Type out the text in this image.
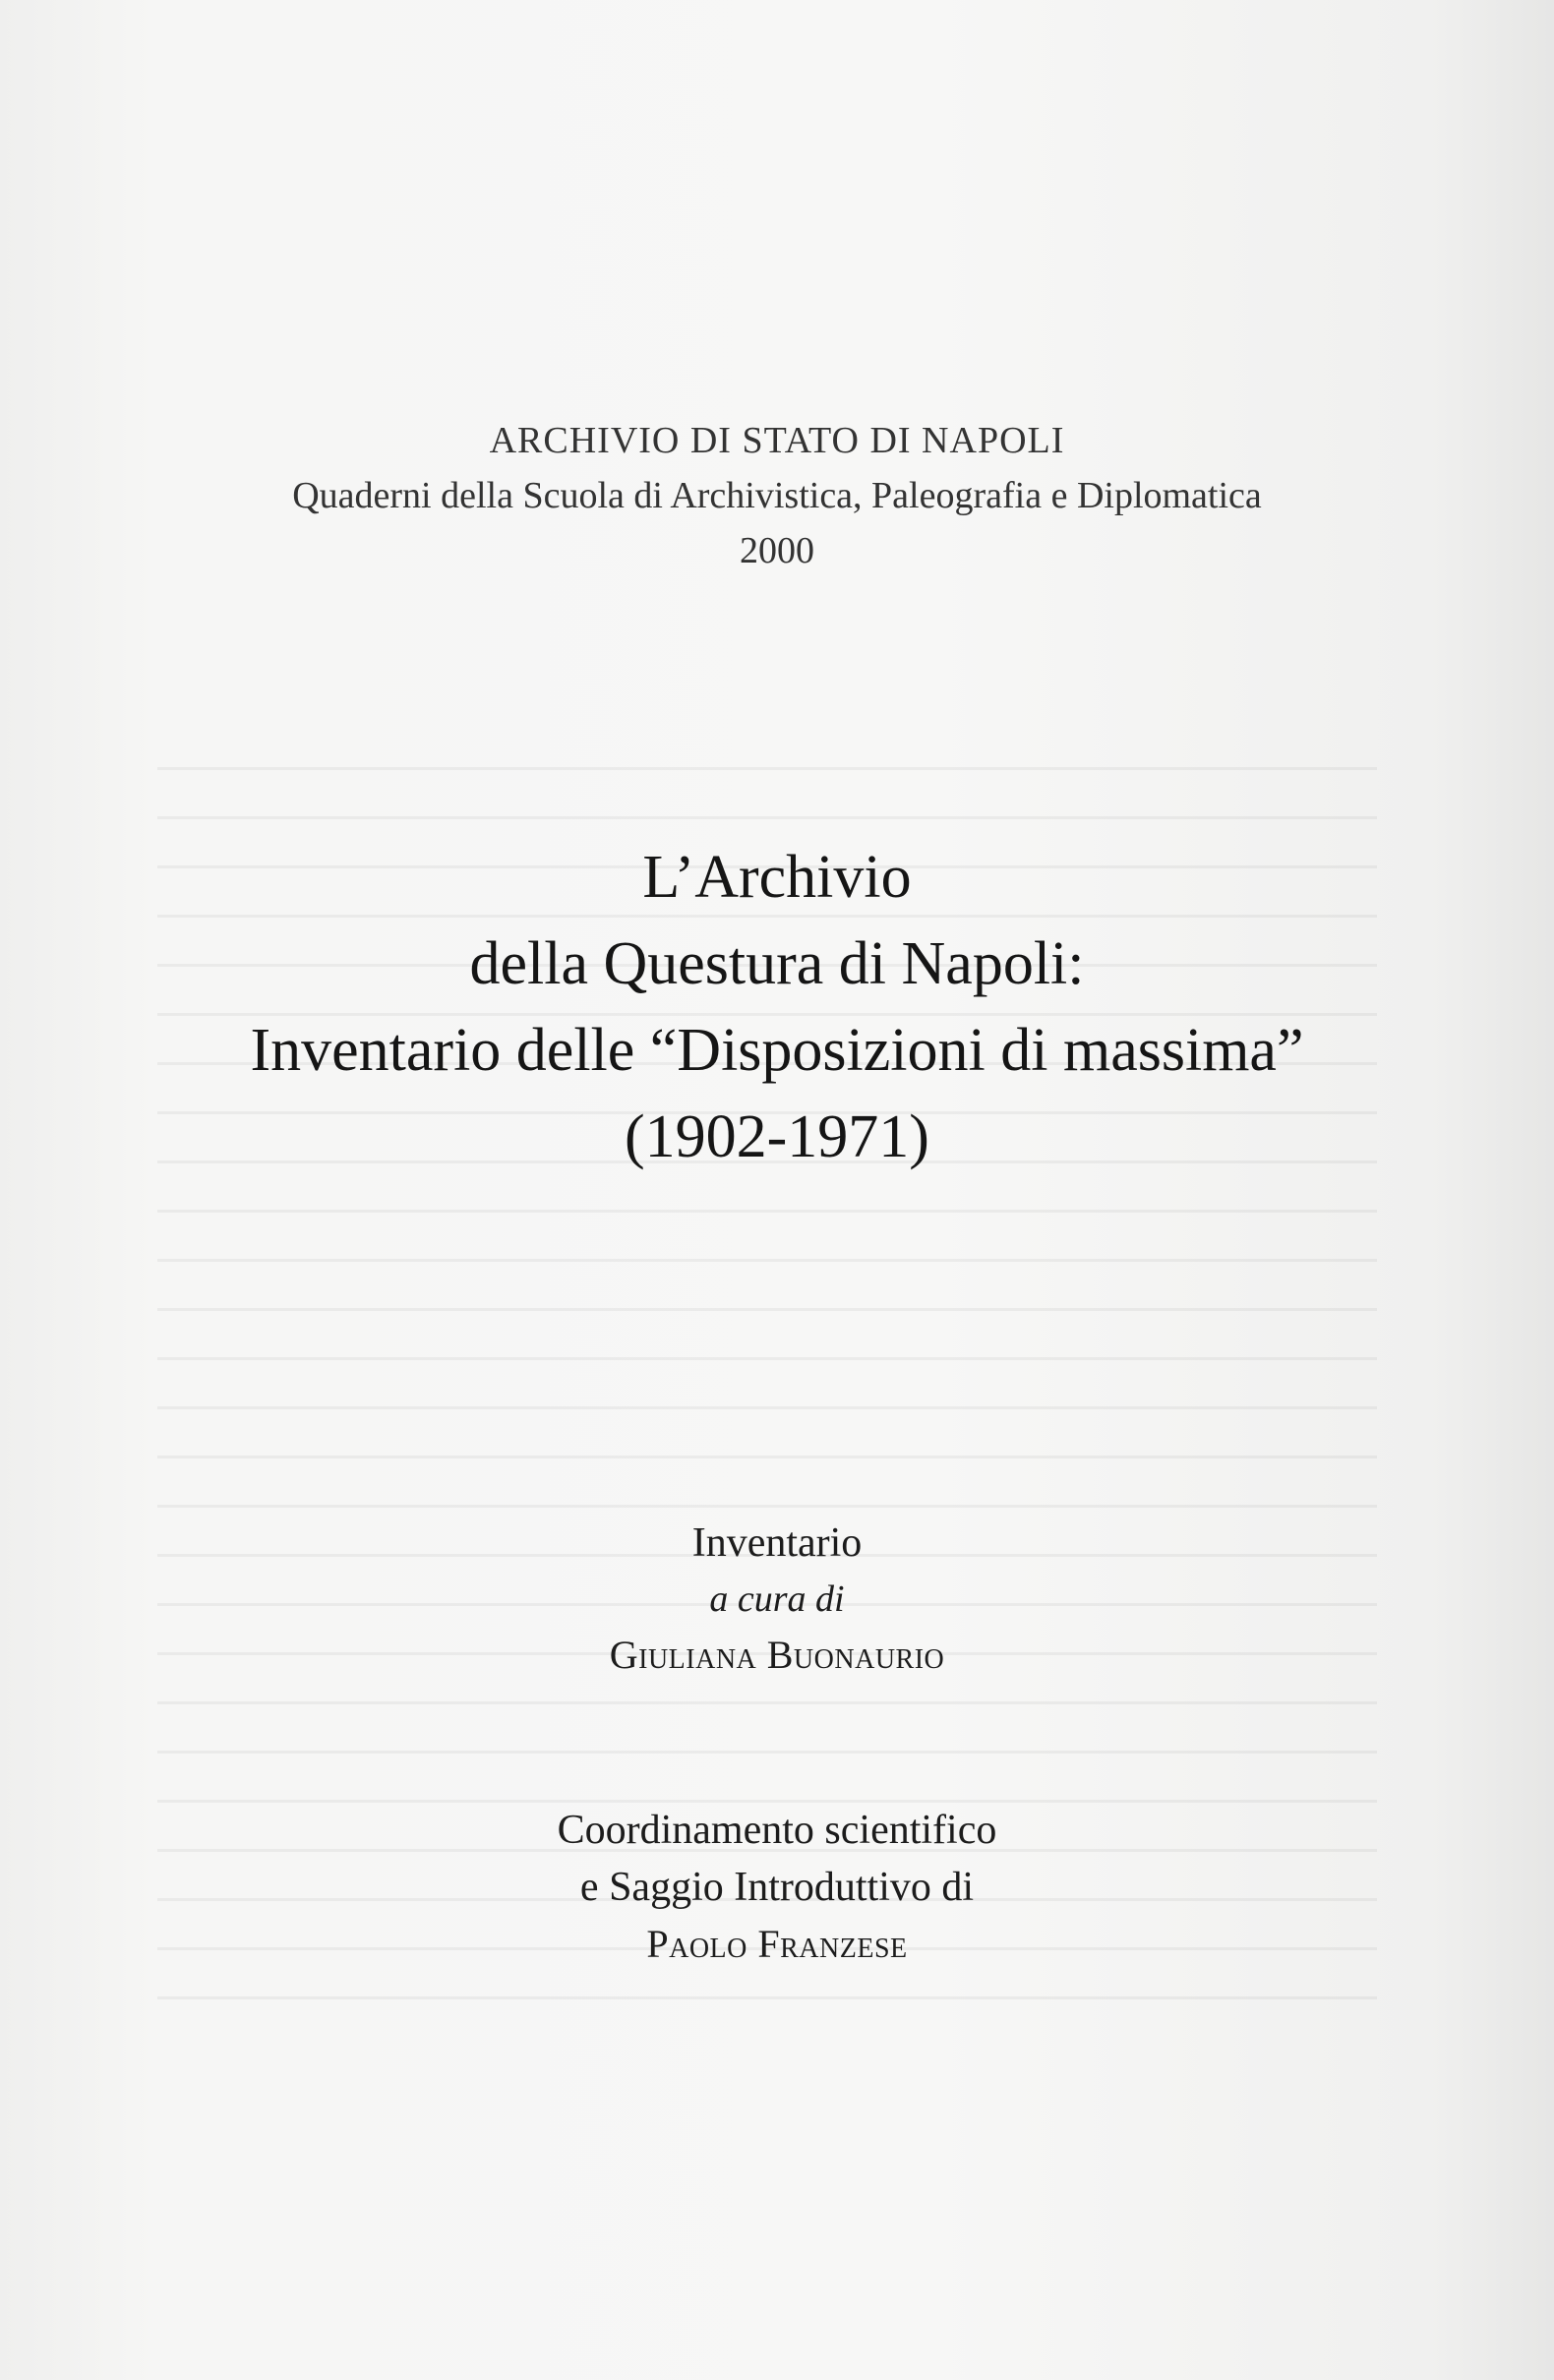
ARCHIVIO DI STATO DI NAPOLI
Quaderni della Scuola di Archivistica, Paleografia e Diplomatica
2000
L’Archivio
della Questura di Napoli:
Inventario delle “Disposizioni di massima”
(1902-1971)
Inventario
a cura di
Giuliana Buonaurio
Coordinamento scientifico
e Saggio Introduttivo di
Paolo Franzese
